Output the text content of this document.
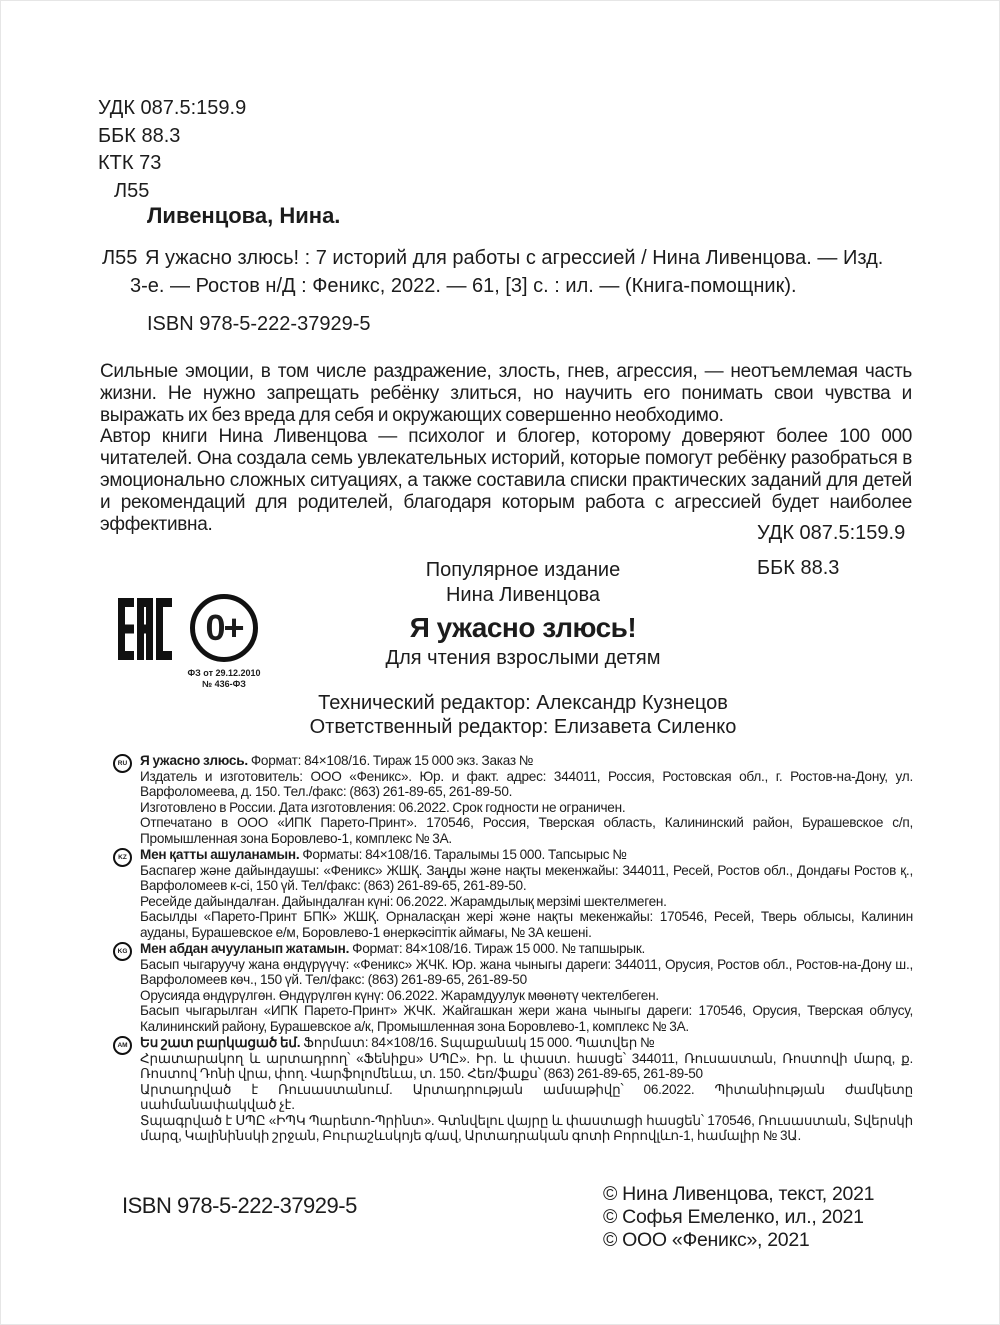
УДК 087.5:159.9
ББК 88.3
КТК 73
Л55
Ливенцова, Нина.
Л55 Я ужасно злюсь! : 7 историй для работы с агрессией / Нина Ливенцова. — Изд. 3-е. — Ростов н/Д : Феникс, 2022. — 61, [3] с. : ил. — (Книга-помощник).

ISBN 978-5-222-37929-5

Сильные эмоции, в том числе раздражение, злость, гнев, агрессия, — неотъемлемая часть жизни. Не нужно запрещать ребёнку злиться, но научить его понимать свои чувства и выражать их без вреда для себя и окружающих совершенно необходимо.

Автор книги Нина Ливенцова — психолог и блогер, которому доверяют более 100 000 читателей. Она создала семь увлекательных историй, которые помогут ребёнку разобраться в эмоционально сложных ситуациях, а также составила списки практических заданий для детей и рекомендаций для родителей, благодаря которым работа с агрессией будет наиболее эффективна.	УДК 087.5:159.9
ББК 88.3
Популярное издание
Нина Ливенцова
Я ужасно злюсь!
Для чтения взрослыми детям
Технический редактор: Александр Кузнецов
Ответственный редактор: Елизавета Силенко
0+
ФЗ от 29.12.2010
№ 436-ФЗ
RU Я ужасно злюсь. Формат: 84×108/16. Тираж 15 000 экз. Заказ №

Издатель и изготовитель: ООО «Феникс». Юр. и факт. адрес: 344011, Россия, Ростовская обл., г. Ростов-на-Дону, ул. Варфоломеева, д. 150. Тел./факс: (863) 261-89-65, 261-89-50.

Изготовлено в России. Дата изготовления: 06.2022. Срок годности не ограничен.

Отпечатано в ООО «ИПК Парето-Принт». 170546, Россия, Тверская область, Калининский район, Бурашевское с/п, Промышленная зона Боровлево-1, комплекс № 3А.

KZ Мен қатты ашуланамын. Форматы: 84×108/16. Таралымы 15 000. Тапсырыс №

Баспагер және дайындаушы: «Феникс» ЖШҚ. Заңды және нақты мекенжайы: 344011, Ресей, Ростов обл., Дондағы Ростов қ., Варфоломеев к-сі, 150 үй. Тел/факс: (863) 261-89-65, 261-89-50.

Ресейде дайындалған. Дайындалған күні: 06.2022. Жарамдылық мерзімі шектелмеген.

Басылды «Парето-Принт БПК» ЖШҚ. Орналасқан жері және нақты мекенжайы: 170546, Ресей, Тверь облысы, Калинин ауданы, Бурашевское е/м, Боровлево-1 өнеркәсіптік аймағы, № 3А кешені.

KG Мен абдан ачууланып жатамын. Формат: 84×108/16. Тираж 15 000. № тапшырык.

Басып чыгаруучу жана өндүрүүчү: «Феникс» ЖЧК. Юр. жана чыныгы дареги: 344011, Орусия, Ростов обл., Ростов-на-Дону ш., Варфоломеев көч., 150 үй. Тел/факс: (863) 261-89-65, 261-89-50

Орусияда өндүрүлгөн. Өндүрүлгөн күнү: 06.2022. Жарамдуулук мөөнөтү чектелбеген.

Басып чыгарылган «ИПК Парето-Принт» ЖЧК. Жайгашкан жери жана чыныгы дареги: 170546, Орусия, Тверская облусу, Калининский району, Бурашевское а/к, Промышленная зона Боровлево-1, комплекс № 3А.

AM Ես շատ բարկացած եմ. Ֆորմատ: 84×108/16. Տպաքանակ 15 000. Պատվեր №

Հրատարակող և արտադրող՝ «Ֆենիքս» ՍՊԸ». Իր. և փաստ. հասցե՝ 344011, Ռուսաստան, Ռոստովի մարզ, ք. Ռոստով Դոնի վրա, փող. Վարֆոլոմեևա, տ. 150. Հեռ/ֆաքս՝ (863) 261-89-65, 261-89-50

Արտադրված է Ռուսաստանում. Արտադրության ամսաթիվը՝ 06.2022. Պիտանիության ժամկետը սահմանափակված չէ.

Տպագրված է ՍՊԸ «ԻՊԿ Պարետո-Պրինտ». Գտնվելու վայրը և փաստացի հասցեն՝ 170546, Ռուսաստան, Տվերսկի մարզ, Կալինինսկի շրջան, Բուրաշևսկոյե գ/ավ, Արտադրական գոտի Բորովլևո-1, համալիր № 3Ա.

ISBN 978-5-222-37929-5	© Нина Ливенцова, текст, 2021
© Софья Емеленко, ил., 2021
© ООО «Феникс», 2021
